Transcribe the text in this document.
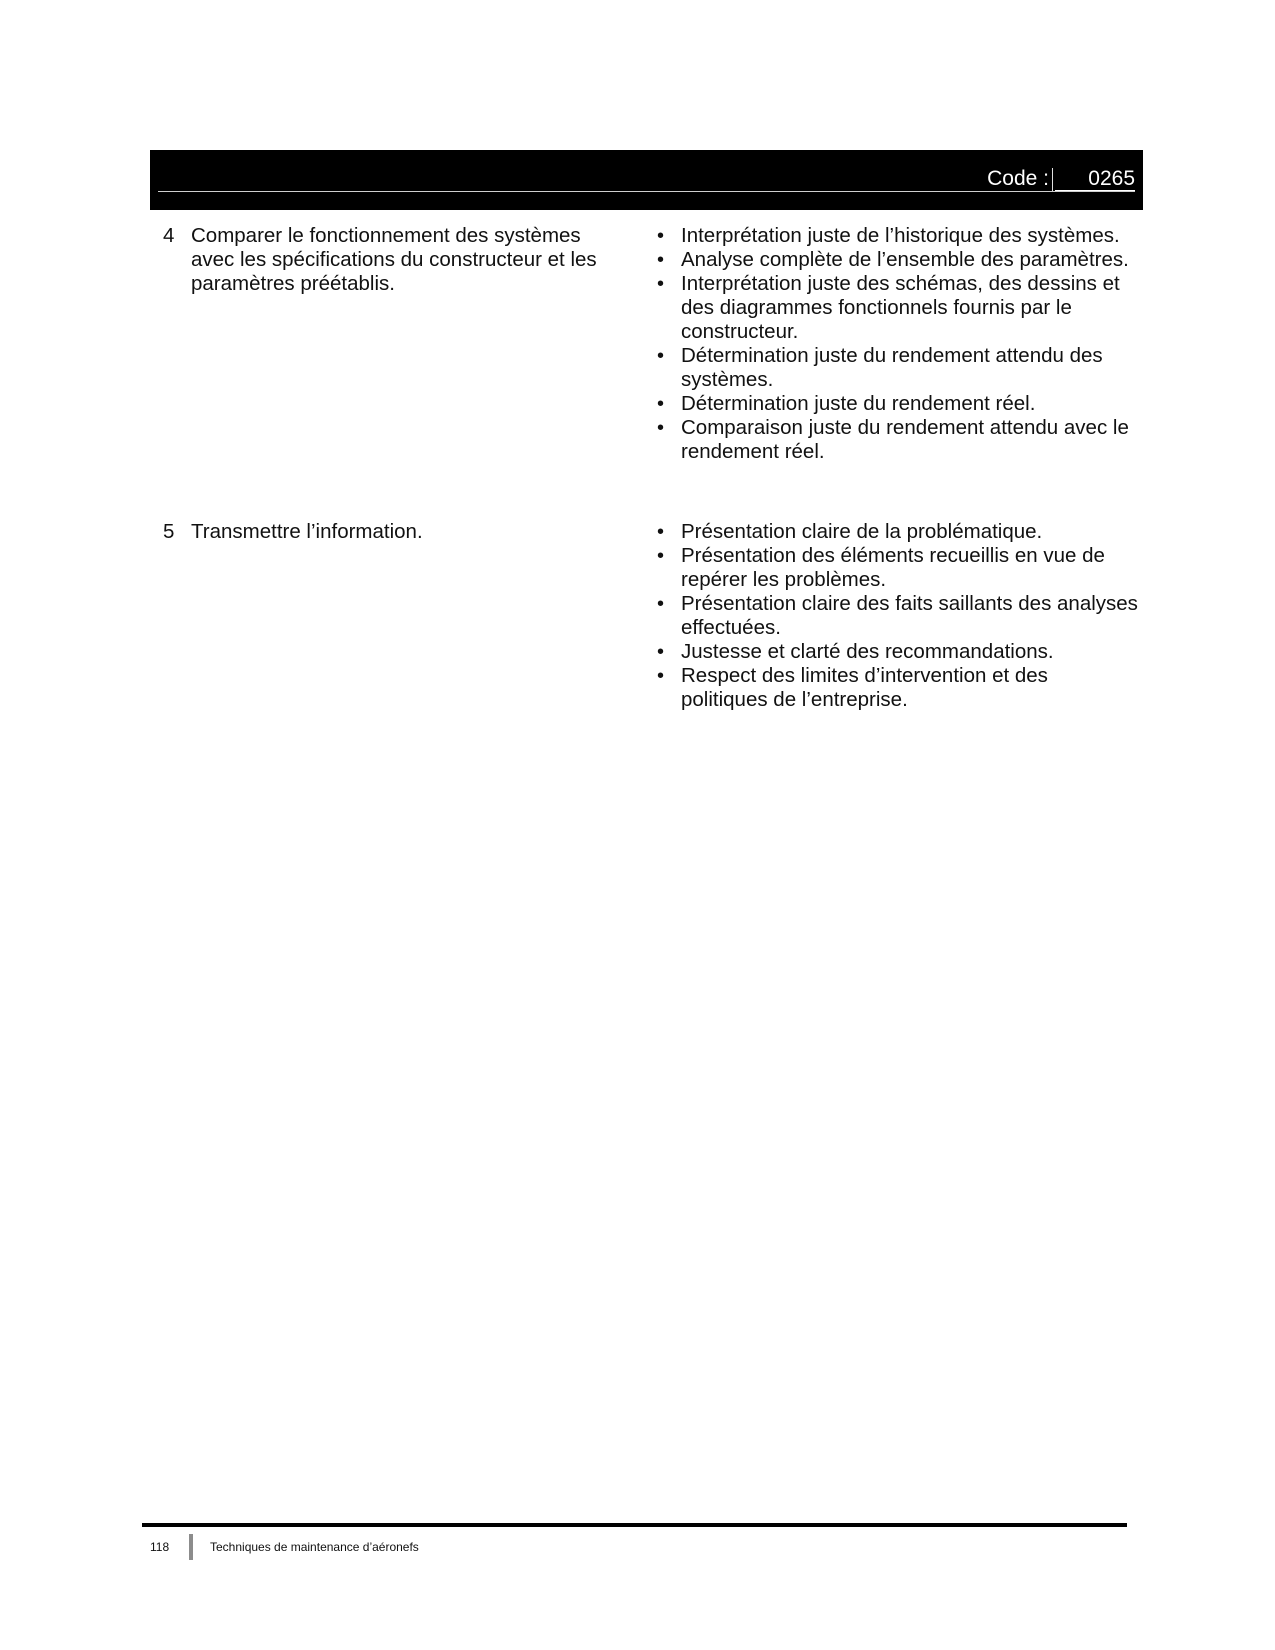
Code :	0265
4 Comparer le fonctionnement des systèmes avec les spécifications du constructeur et les paramètres préétablis.
• Interprétation juste de l’historique des systèmes.
• Analyse complète de l’ensemble des paramètres.
• Interprétation juste des schémas, des dessins et des diagrammes fonctionnels fournis par le constructeur.
• Détermination juste du rendement attendu des systèmes.
• Détermination juste du rendement réel.
• Comparaison juste du rendement attendu avec le rendement réel.
5 Transmettre l’information.
•	Présentation claire de la problématique.
• Présentation des éléments recueillis en vue de repérer les problèmes.
• Présentation claire des faits saillants des analyses effectuées.
• Justesse et clarté des recommandations.
• Respect des limites d’intervention et des politiques de l’entreprise.
118	Techniques de maintenance d’aéronefs
